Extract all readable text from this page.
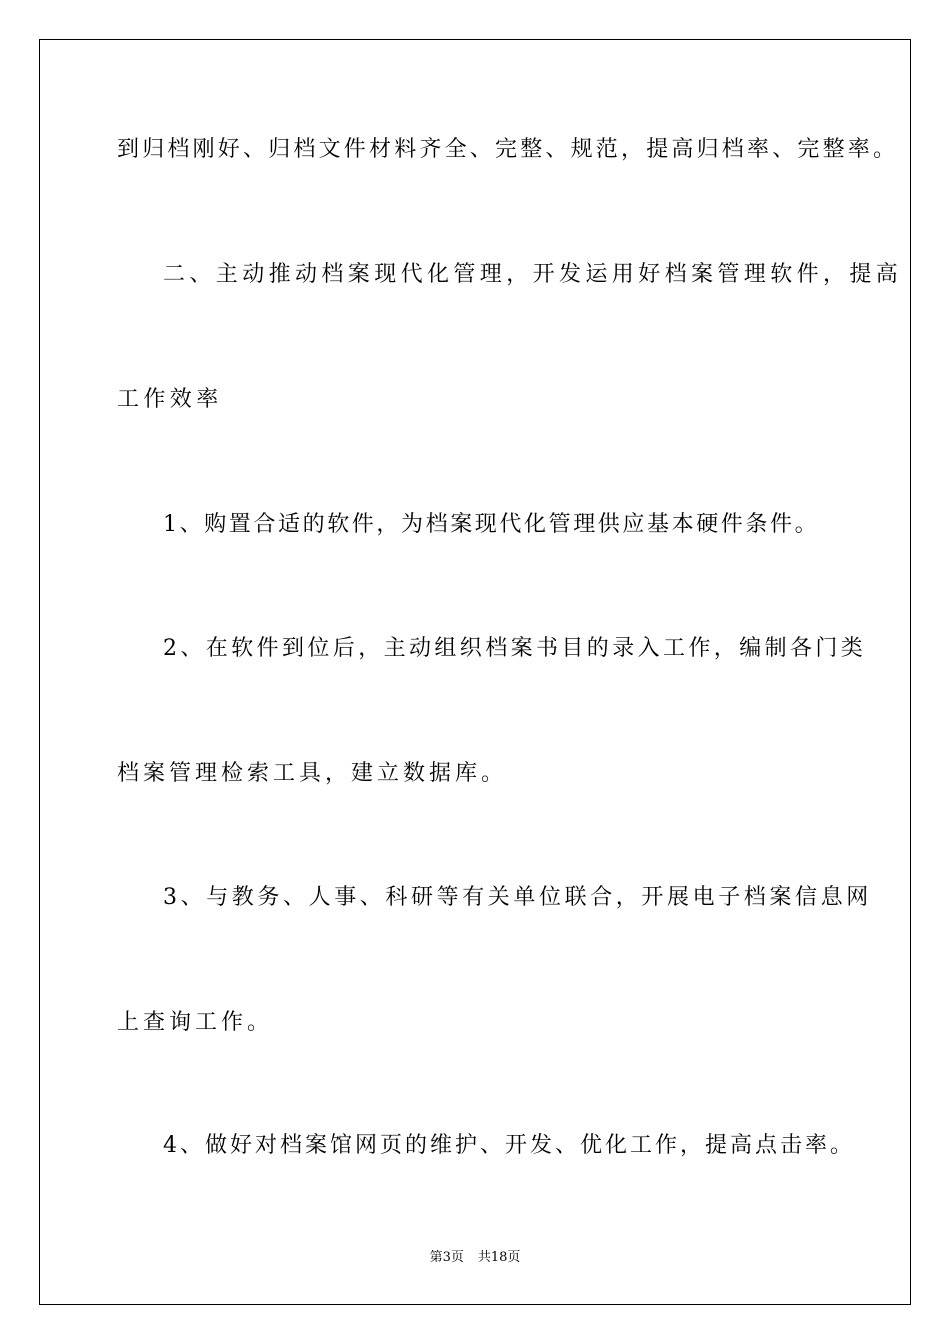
到归档刚好、归档文件材料齐全、完整、规范，提高归档率、完整率。
二、主动推动档案现代化管理，开发运用好档案管理软件，提高
工作效率
1、购置合适的软件，为档案现代化管理供应基本硬件条件。
2、在软件到位后，主动组织档案书目的录入工作，编制各门类
档案管理检索工具，建立数据库。
3、与教务、人事、科研等有关单位联合，开展电子档案信息网
上查询工作。
4、做好对档案馆网页的维护、开发、优化工作，提高点击率。
第3页 共18页
